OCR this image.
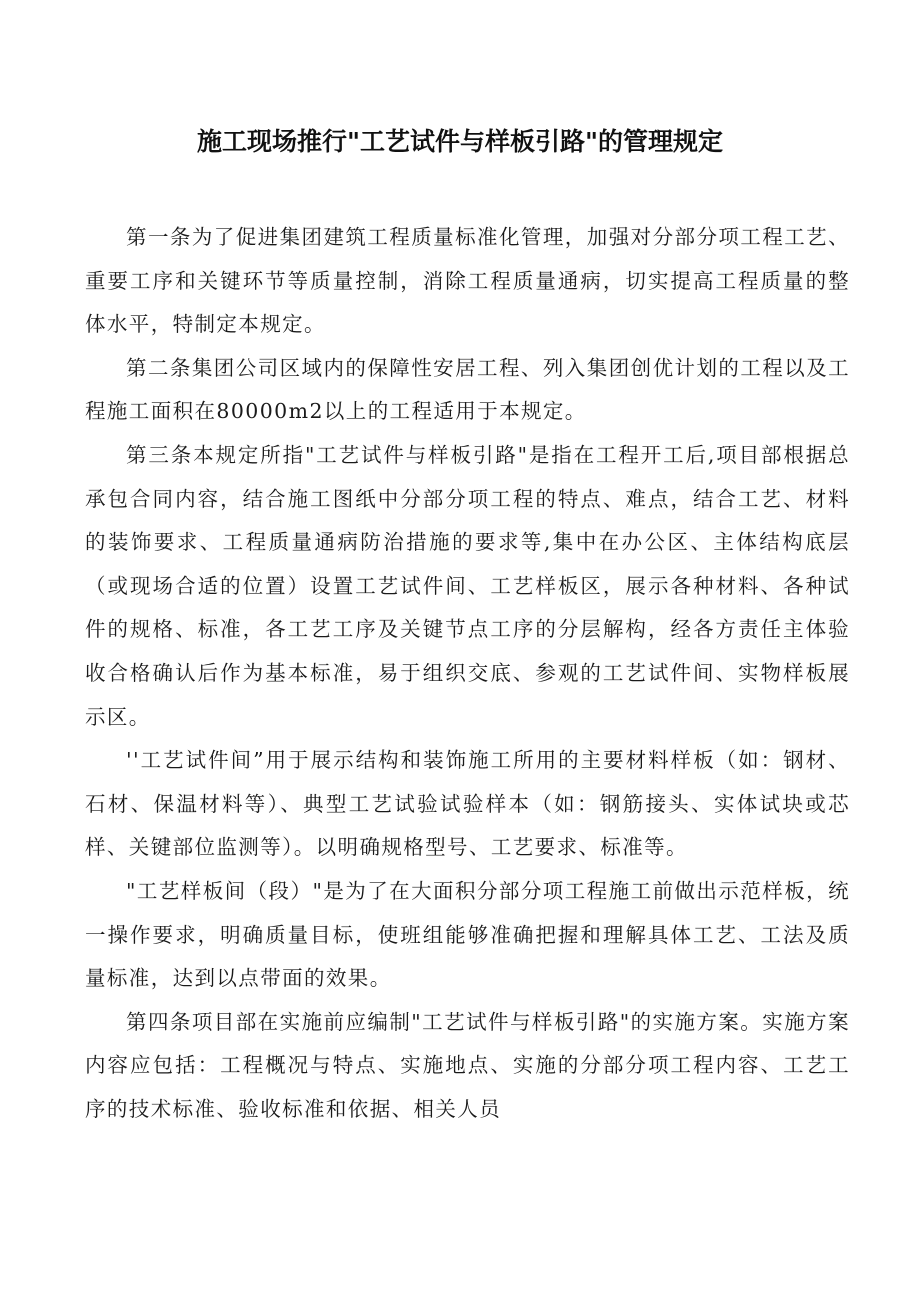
施工现场推行"工艺试件与样板引路"的管理规定

第一条为了促进集团建筑工程质量标准化管理，加强对分部分项工程工艺、重要工序和关键环节等质量控制，消除工程质量通病，切实提高工程质量的整体水平，特制定本规定。

第二条集团公司区域内的保障性安居工程、列入集团创优计划的工程以及工程施工面积在80000m2以上的工程适用于本规定。

第三条本规定所指"工艺试件与样板引路"是指在工程开工后,项目部根据总承包合同内容，结合施工图纸中分部分项工程的特点、难点，结合工艺、材料的装饰要求、工程质量通病防治措施的要求等,集中在办公区、主体结构底层（或现场合适的位置）设置工艺试件间、工艺样板区，展示各种材料、各种试件的规格、标准，各工艺工序及关键节点工序的分层解构，经各方责任主体验收合格确认后作为基本标准，易于组织交底、参观的工艺试件间、实物样板展示区。

''工艺试件间”用于展示结构和装饰施工所用的主要材料样板（如：钢材、石材、保温材料等）、典型工艺试验试验样本（如：钢筋接头、实体试块或芯样、关键部位监测等）。以明确规格型号、工艺要求、标准等。

"工艺样板间（段）"是为了在大面积分部分项工程施工前做出示范样板，统一操作要求，明确质量目标，使班组能够准确把握和理解具体工艺、工法及质量标准，达到以点带面的效果。

第四条项目部在实施前应编制"工艺试件与样板引路"的实施方案。实施方案内容应包括：工程概况与特点、实施地点、实施的分部分项工程内容、工艺工序的技术标准、验收标准和依据、相关人员
